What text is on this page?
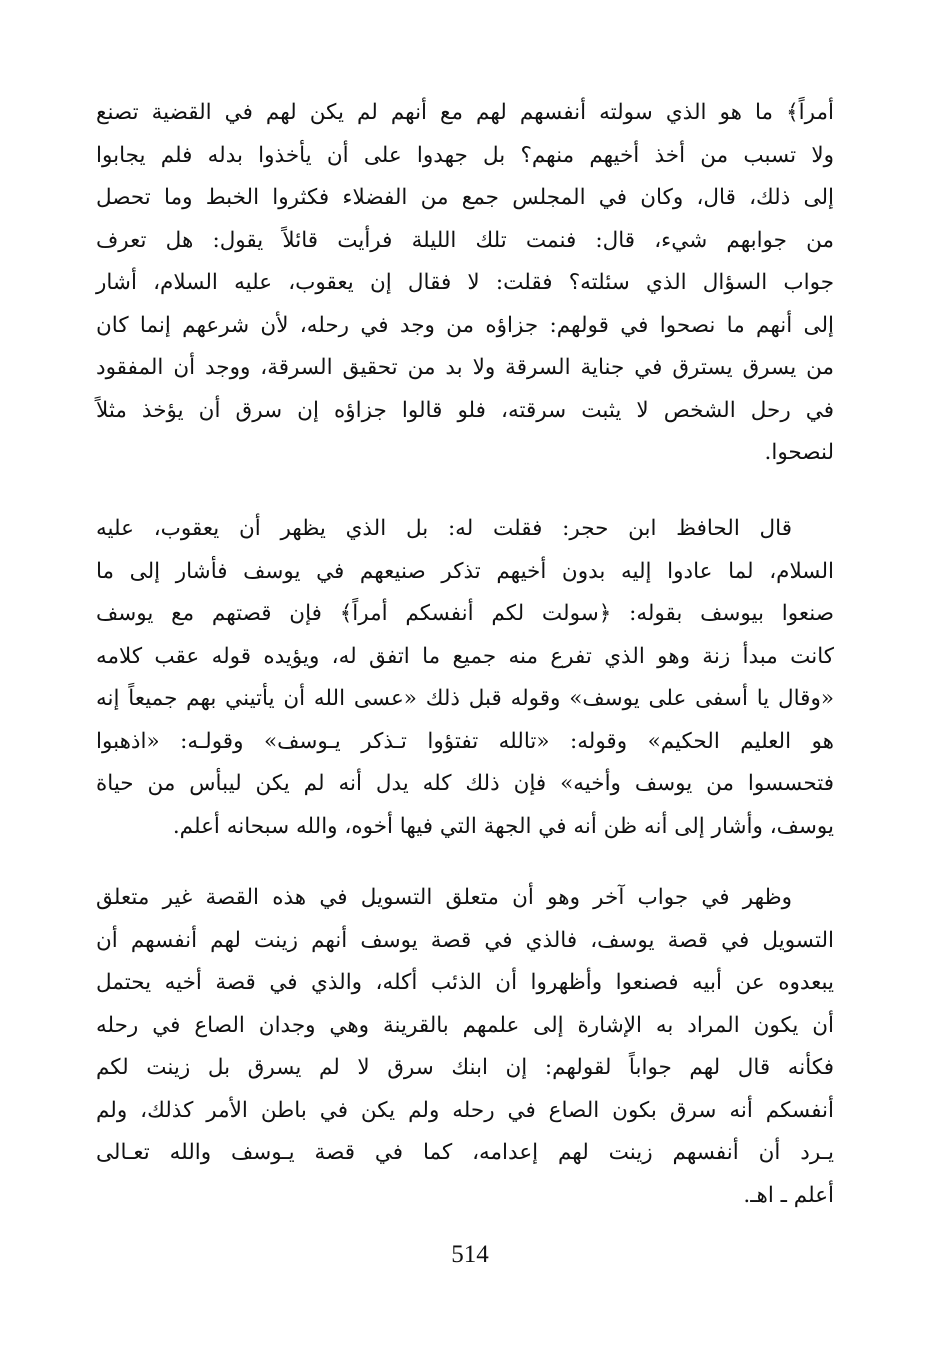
أمراً﴾ ما هو الذي سولته أنفسهم لهم مع أنهم لم يكن لهم في القضية تصنع
ولا تسبب من أخذ أخيهم منهم؟ بل جهدوا على أن يأخذوا بدله فلم يجابوا
إلى ذلك، قال، وكان في المجلس جمع من الفضلاء فكثروا الخبط وما تحصل
من جوابهم شيء، قال: فنمت تلك الليلة فرأيت قائلاً يقول: هل تعرف
جواب السؤال الذي سئلته؟ فقلت: لا فقال إن يعقوب، عليه السلام، أشار
إلى أنهم ما نصحوا في قولهم: جزاؤه من وجد في رحله، لأن شرعهم إنما كان
من يسرق يسترق في جناية السرقة ولا بد من تحقيق السرقة، ووجد أن المفقود
في رحل الشخص لا يثبت سرقته، فلو قالوا جزاؤه إن سرق أن يؤخذ مثلاً
لنصحوا.
قال الحافظ ابن حجر: فقلت له: بل الذي يظهر أن يعقوب، عليه
السلام، لما عادوا إليه بدون أخيهم تذكر صنيعهم في يوسف فأشار إلى ما
صنعوا بيوسف بقوله: ﴿سولت لكم أنفسكم أمراً﴾ فإن قصتهم مع يوسف
كانت مبدأ زنة وهو الذي تفرع منه جميع ما اتفق له، ويؤيده قوله عقب كلامه
«وقال يا أسفى على يوسف» وقوله قبل ذلك «عسى الله أن يأتيني بهم جميعاً إنه
هو العليم الحكيم» وقوله: «تالله تفتؤوا تـذكر يـوسف» وقولـه: «اذهبوا
فتحسسوا من يوسف وأخيه» فإن ذلك كله يدل أنه لم يكن ليبأس من حياة
يوسف، وأشار إلى أنه ظن أنه في الجهة التي فيها أخوه، والله سبحانه أعلم.
وظهر في جواب آخر وهو أن متعلق التسويل في هذه القصة غير متعلق
التسويل في قصة يوسف، فالذي في قصة يوسف أنهم زينت لهم أنفسهم أن
يبعدوه عن أبيه فصنعوا وأظهروا أن الذئب أكله، والذي في قصة أخيه يحتمل
أن يكون المراد به الإشارة إلى علمهم بالقرينة وهي وجدان الصاع في رحله
فكأنه قال لهم جواباً لقولهم: إن ابنك سرق لا لم يسرق بل زينت لكم
أنفسكم أنه سرق بكون الصاع في رحله ولم يكن في باطن الأمر كذلك، ولم
يـرد أن أنفسهم زينت لهم إعدامه، كما في قصة يـوسف والله تعـالى
أعلم ـ اهـ.
514
